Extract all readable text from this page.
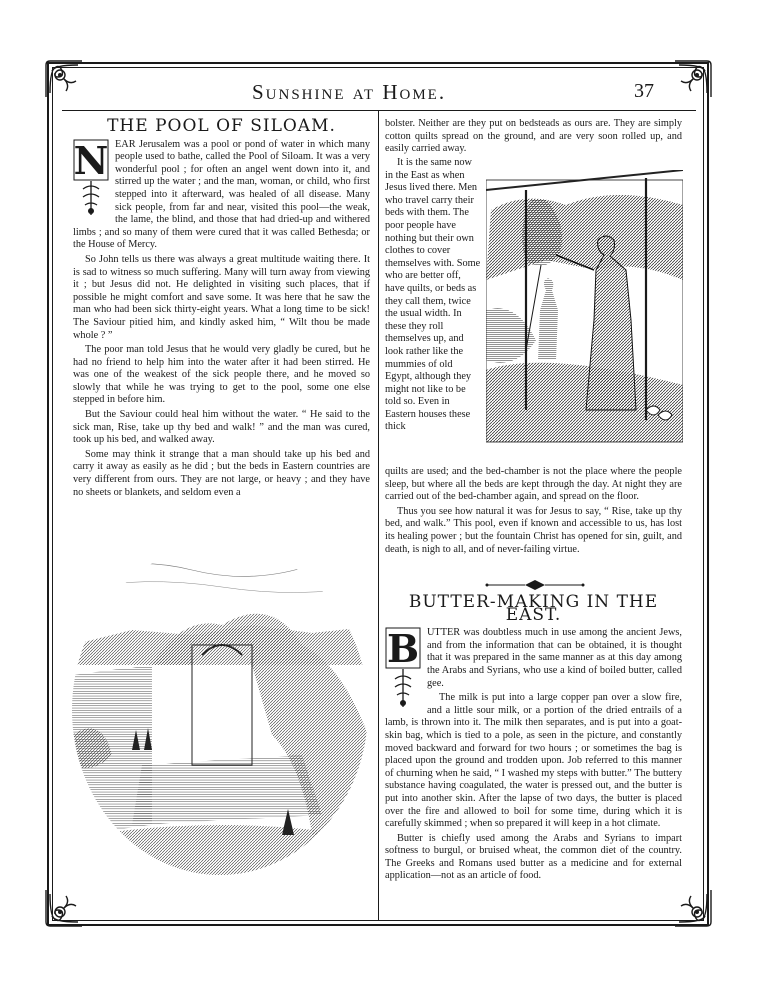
Sunshine at Home.	37
THE POOL OF SILOAM.
N EAR Jerusalem was a pool or pond of water in which many people used to bathe, called the Pool of Siloam. It was a very wonderful pool ; for often an angel went down into it, and stirred up the water ; and the man, woman, or child, who first stepped into it afterward, was healed of all disease. Many sick people, from far and near, visited this pool—the weak, the lame, the blind, and those that had dried-up and withered limbs ; and so many of them were cured that it was called Bethesda; or the House of Mercy.

So John tells us there was always a great multitude waiting there. It is sad to witness so much suffering. Many will turn away from viewing it ; but Jesus did not. He delighted in visiting such places, that if possible he might comfort and save some. It was here that he saw the man who had been sick thirty-eight years. What a long time to be sick! The Saviour pitied him, and kindly asked him, “ Wilt thou be made whole ? ”

The poor man told Jesus that he would very gladly be cured, but he had no friend to help him into the water after it had been stirred. He was one of the weakest of the sick people there, and he moved so slowly that while he was trying to get to the pool, some one else stepped in before him.

But the Saviour could heal him without the water. “ He said to the sick man, Rise, take up thy bed and walk! ” and the man was cured, took up his bed, and walked away.

Some may think it strange that a man should take up his bed and carry it away as easily as he did ; but the beds in Eastern countries are very different from ours. They are not large, or heavy ; and they have no sheets or blankets, and seldom even a

bolster. Neither are they put on bedsteads as ours are. They are simply cotton quilts spread on the ground, and are very soon rolled up, and easily carried away.

It is the same now in the East as when Jesus lived there. Men who travel carry their beds with them. The poor people have nothing but their own clothes to cover themselves with. Some who are better off, have quilts, or beds as they call them, twice the usual width. In these they roll themselves up, and look rather like the mummies of old Egypt, although they might not like to be told so. Even in Eastern houses these thick

quilts are used; and the bed-chamber is not the place where the people sleep, but where all the beds are kept through the day. At night they are carried out of the bed-chamber again, and spread on the floor.

Thus you see how natural it was for Jesus to say, “ Rise, take up thy bed, and walk.” This pool, even if known and accessible to us, has lost its healing power ; but the fountain Christ has opened for sin, guilt, and death, is nigh to all, and of never-failing virtue.

BUTTER-MAKING IN THE EAST.
B UTTER was doubtless much in use among the ancient Jews, and from the information that can be obtained, it is thought that it was prepared in the same manner as at this day among the Arabs and Syrians, who use a kind of boiled butter, called gee.

The milk is put into a large copper pan over a slow fire, and a little sour milk, or a portion of the dried entrails of a lamb, is thrown into it. The milk then separates, and is put into a goat-skin bag, which is tied to a pole, as seen in the picture, and constantly moved backward and forward for two hours ; or sometimes the bag is placed upon the ground and trodden upon. Job referred to this manner of churning when he said, “ I washed my steps with butter.” The buttery substance having coagulated, the water is pressed out, and the butter is put into another skin. After the lapse of two days, the butter is placed over the fire and allowed to boil for some time, during which it is carefully skimmed ; when so prepared it will keep in a hot climate.

Butter is chiefly used among the Arabs and Syrians to impart softness to burgul, or bruised wheat, the common diet of the country. The Greeks and Romans used butter as a medicine and for external application—not as an article of food.
